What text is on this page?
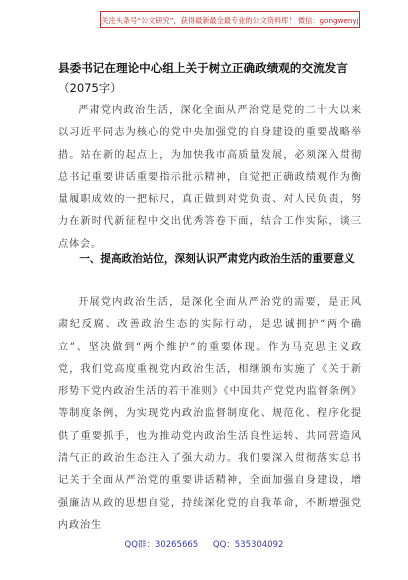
关注头条号“公文研究”，获得最新最全最专业的公文资料库！ 微信：gongwenyj
县委书记在理论中心组上关于树立正确政绩观的交流发言
（2075字）
严肃党内政治生活，深化全面从严治党是党的二十大以来以习近平同志为核心的党中央加强党的自身建设的重要战略举措。站在新的起点上，为加快我市高质量发展，必须深入贯彻总书记重要讲话重要指示批示精神，自觉把正确政绩观作为衡量履职成效的一把标尺，真正做到对党负责、对人民负责，努力在新时代新征程中交出优秀答卷下面，结合工作实际，谈三点体会。
一、提高政治站位，深刻认识严肃党内政治生活的重要意义
开展党内政治生活，是深化全面从严治党的需要，是正风肃纪反腐、改善政治生态的实际行动，是忠诚拥护“两个确立”、坚决做到“两个维护”的重要体现。作为马克思主义政党，我们党高度重视党内政治生活，相继颁布实施了《关于新形势下党内政治生活的若干准则》《中国共产党党内监督条例》等制度条例，为实现党内政治监督制度化、规范化、程序化提供了重要抓手，也为推动党内政治生活良性运转、共同营造风清气正的政治生态注入了强大动力。我们要深入贯彻落实总书记关于全面从严治党的重要讲话精神，全面加强自身建设，增强廉洁从政的思想自觉，持续深化党的自我革命，不断增强党内政治生
QQ群：30265665 QQ：535304092
